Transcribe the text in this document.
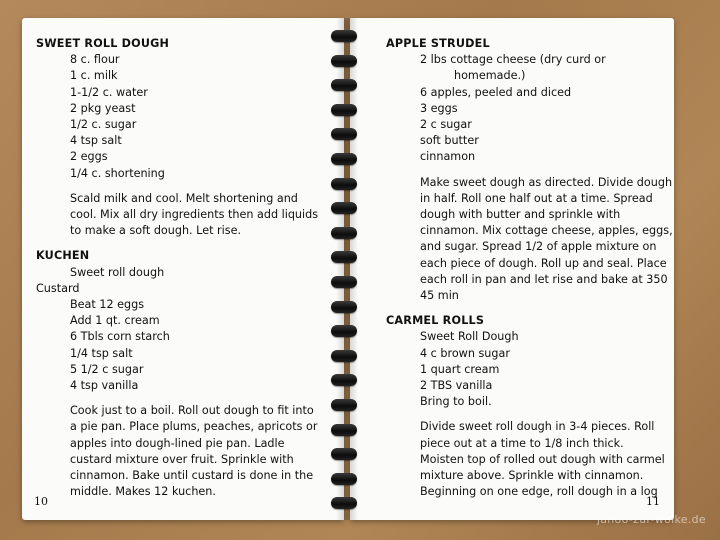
SWEET ROLL DOUGH
8 c. flour
1 c. milk
1-1/2 c. water
2 pkg yeast
1/2 c. sugar
4 tsp salt
2 eggs
1/4 c. shortening
Scald milk and cool. Melt shortening and
cool. Mix all dry ingredients then add liquids
to make a soft dough. Let rise.
KUCHEN
Sweet roll dough
Custard
Beat 12 eggs
Add 1 qt. cream
6 Tbls corn starch
1/4 tsp salt
5 1/2 c sugar
4 tsp vanilla
Cook just to a boil. Roll out dough to fit into
a pie pan. Place plums, peaches, apricots or
apples into dough-lined pie pan. Ladle
custard mixture over fruit. Sprinkle with
cinnamon. Bake until custard is done in the
middle. Makes 12 kuchen.
10
APPLE STRUDEL
2 lbs cottage cheese (dry curd or
homemade.)
6 apples, peeled and diced
3 eggs
2 c sugar
soft butter
cinnamon
Make sweet dough as directed. Divide dough
in half. Roll one half out at a time. Spread
dough with butter and sprinkle with
cinnamon. Mix cottage cheese, apples, eggs,
and sugar. Spread 1/2 of apple mixture on
each piece of dough. Roll up and seal. Place
each roll in pan and let rise and bake at 350
45 min
CARMEL ROLLS
Sweet Roll Dough
4 c brown sugar
1 quart cream
2 TBS vanilla
Bring to boil.
Divide sweet roll dough in 3-4 pieces. Roll
piece out at a time to 1/8 inch thick.
Moisten top of rolled out dough with carmel
mixture above. Sprinkle with cinnamon.
Beginning on one edge, roll dough in a log
11
janoo-zur-wolke.de
